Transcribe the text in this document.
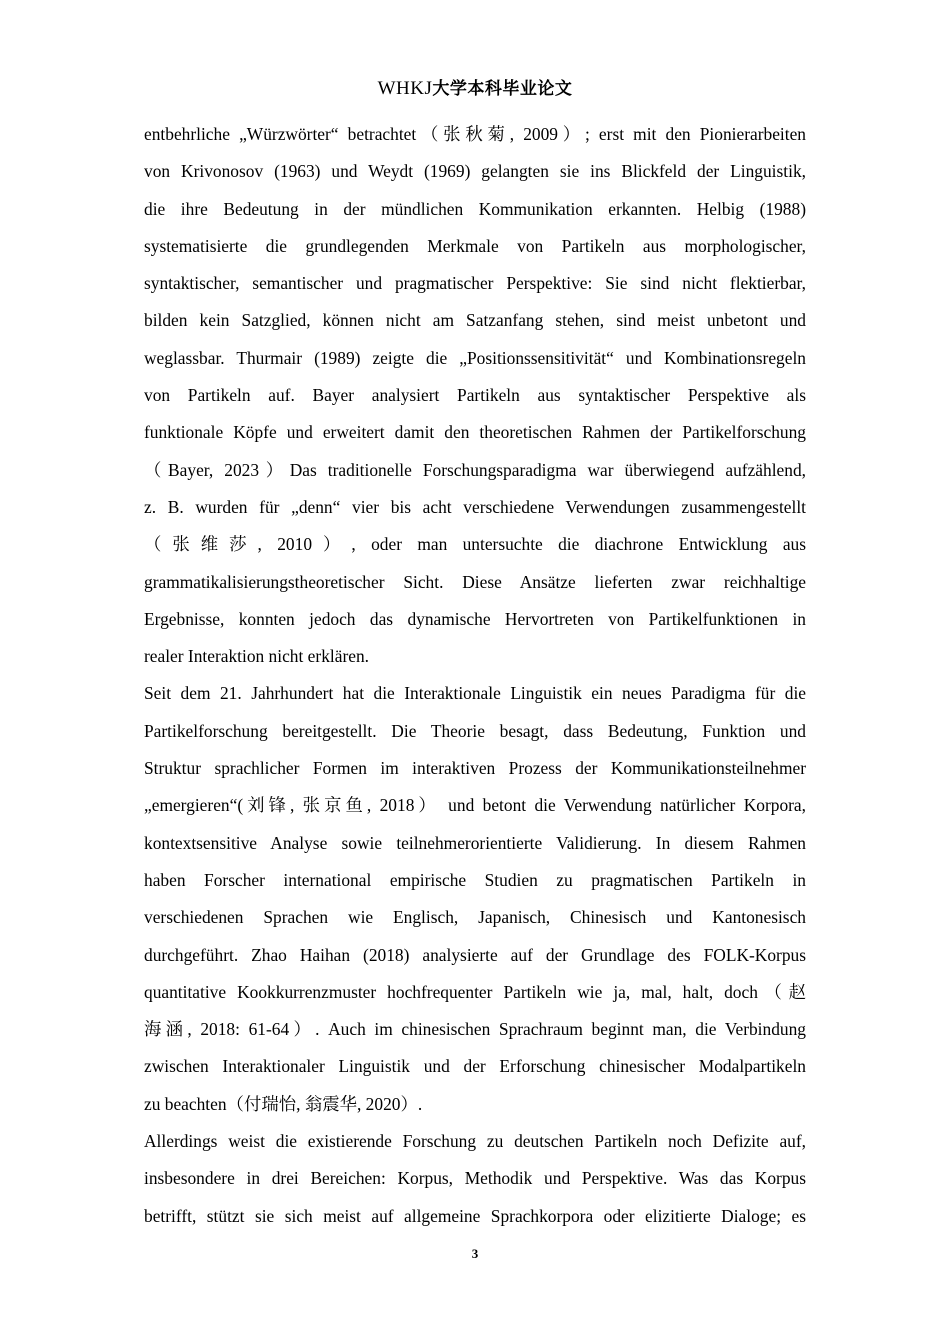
WHKJ大学本科毕业论文
entbehrliche „Würzwörter“ betrachtet（张秋菊, 2009）; erst mit den Pionierarbeiten
von Krivonosov (1963) und Weydt (1969) gelangten sie ins Blickfeld der Linguistik,
die ihre Bedeutung in der mündlichen Kommunikation erkannten. Helbig (1988)
systematisierte die grundlegenden Merkmale von Partikeln aus morphologischer,
syntaktischer, semantischer und pragmatischer Perspektive: Sie sind nicht flektierbar,
bilden kein Satzglied, können nicht am Satzanfang stehen, sind meist unbetont und
weglassbar. Thurmair (1989) zeigte die „Positionssensitivität“ und Kombinationsregeln
von Partikeln auf. Bayer analysiert Partikeln aus syntaktischer Perspektive als
funktionale Köpfe und erweitert damit den theoretischen Rahmen der Partikelforschung
（Bayer, 2023）Das traditionelle Forschungsparadigma war überwiegend aufzählend,
z. B. wurden für „denn“ vier bis acht verschiedene Verwendungen zusammengestellt
（张维莎, 2010）, oder man untersuchte die diachrone Entwicklung aus
grammatikalisierungstheoretischer Sicht. Diese Ansätze lieferten zwar reichhaltige
Ergebnisse, konnten jedoch das dynamische Hervortreten von Partikelfunktionen in
realer Interaktion nicht erklären.
Seit dem 21. Jahrhundert hat die Interaktionale Linguistik ein neues Paradigma für die
Partikelforschung bereitgestellt. Die Theorie besagt, dass Bedeutung, Funktion und
Struktur sprachlicher Formen im interaktiven Prozess der Kommunikationsteilnehmer
„emergieren“(刘锋, 张京鱼, 2018） und betont die Verwendung natürlicher Korpora,
kontextsensitive Analyse sowie teilnehmerorientierte Validierung. In diesem Rahmen
haben Forscher international empirische Studien zu pragmatischen Partikeln in
verschiedenen Sprachen wie Englisch, Japanisch, Chinesisch und Kantonesisch
durchgeführt. Zhao Haihan (2018) analysierte auf der Grundlage des FOLK-Korpus
quantitative Kookkurrenzmuster hochfrequenter Partikeln wie ja, mal, halt, doch（赵
海涵, 2018: 61-64）. Auch im chinesischen Sprachraum beginnt man, die Verbindung
zwischen Interaktionaler Linguistik und der Erforschung chinesischer Modalpartikeln
zu beachten（付瑞怡, 翁震华, 2020）.
Allerdings weist die existierende Forschung zu deutschen Partikeln noch Defizite auf,
insbesondere in drei Bereichen: Korpus, Methodik und Perspektive. Was das Korpus
betrifft, stützt sie sich meist auf allgemeine Sprachkorpora oder elizitierte Dialoge; es
3
